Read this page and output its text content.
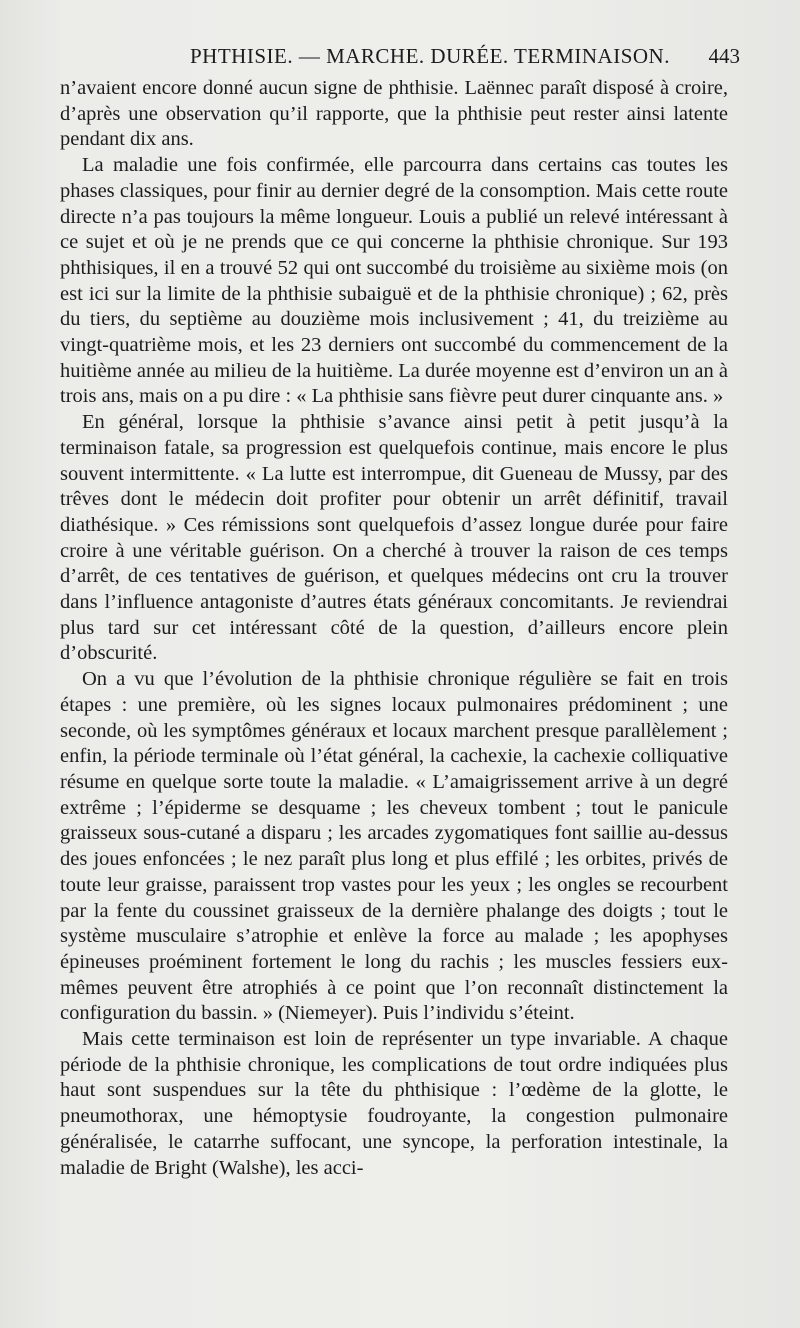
PHTHISIE. — MARCHE. DURÉE. TERMINAISON. 443

n’avaient encore donné aucun signe de phthisie. Laënnec paraît disposé à croire, d’après une observation qu’il rapporte, que la phthisie peut rester ainsi latente pendant dix ans.

La maladie une fois confirmée, elle parcourra dans certains cas toutes les phases classiques, pour finir au dernier degré de la consomption. Mais cette route directe n’a pas toujours la même longueur. Louis a publié un relevé intéressant à ce sujet et où je ne prends que ce qui concerne la phthisie chronique. Sur 193 phthisiques, il en a trouvé 52 qui ont succombé du troisième au sixième mois (on est ici sur la limite de la phthisie subaiguë et de la phthisie chronique) ; 62, près du tiers, du septième au douzième mois inclusivement ; 41, du treizième au vingt-quatrième mois, et les 23 derniers ont succombé du commencement de la huitième année au milieu de la huitième. La durée moyenne est d’environ un an à trois ans, mais on a pu dire : « La phthisie sans fièvre peut durer cinquante ans. »

En général, lorsque la phthisie s’avance ainsi petit à petit jusqu’à la terminaison fatale, sa progression est quelquefois continue, mais encore le plus souvent intermittente. « La lutte est interrompue, dit Gueneau de Mussy, par des trêves dont le médecin doit profiter pour obtenir un arrêt définitif, travail diathésique. » Ces rémissions sont quelquefois d’assez longue durée pour faire croire à une véritable guérison. On a cherché à trouver la raison de ces temps d’arrêt, de ces tentatives de guérison, et quelques médecins ont cru la trouver dans l’influence antagoniste d’autres états généraux concomitants. Je reviendrai plus tard sur cet intéressant côté de la question, d’ailleurs encore plein d’obscurité.

On a vu que l’évolution de la phthisie chronique régulière se fait en trois étapes : une première, où les signes locaux pulmonaires prédominent ; une seconde, où les symptômes généraux et locaux marchent presque parallèlement ; enfin, la période terminale où l’état général, la cachexie, la cachexie colliquative résume en quelque sorte toute la maladie. « L’amaigrissement arrive à un degré extrême ; l’épiderme se desquame ; les cheveux tombent ; tout le panicule graisseux sous-cutané a disparu ; les arcades zygomatiques font saillie au-dessus des joues enfoncées ; le nez paraît plus long et plus effilé ; les orbites, privés de toute leur graisse, paraissent trop vastes pour les yeux ; les ongles se recourbent par la fente du coussinet graisseux de la dernière phalange des doigts ; tout le système musculaire s’atrophie et enlève la force au malade ; les apophyses épineuses proéminent fortement le long du rachis ; les muscles fessiers eux-mêmes peuvent être atrophiés à ce point que l’on reconnaît distinctement la configuration du bassin. » (Niemeyer). Puis l’individu s’éteint.

Mais cette terminaison est loin de représenter un type invariable. A chaque période de la phthisie chronique, les complications de tout ordre indiquées plus haut sont suspendues sur la tête du phthisique : l’œdème de la glotte, le pneumothorax, une hémoptysie foudroyante, la congestion pulmonaire généralisée, le catarrhe suffocant, une syncope, la perforation intestinale, la maladie de Bright (Walshe), les acci-
